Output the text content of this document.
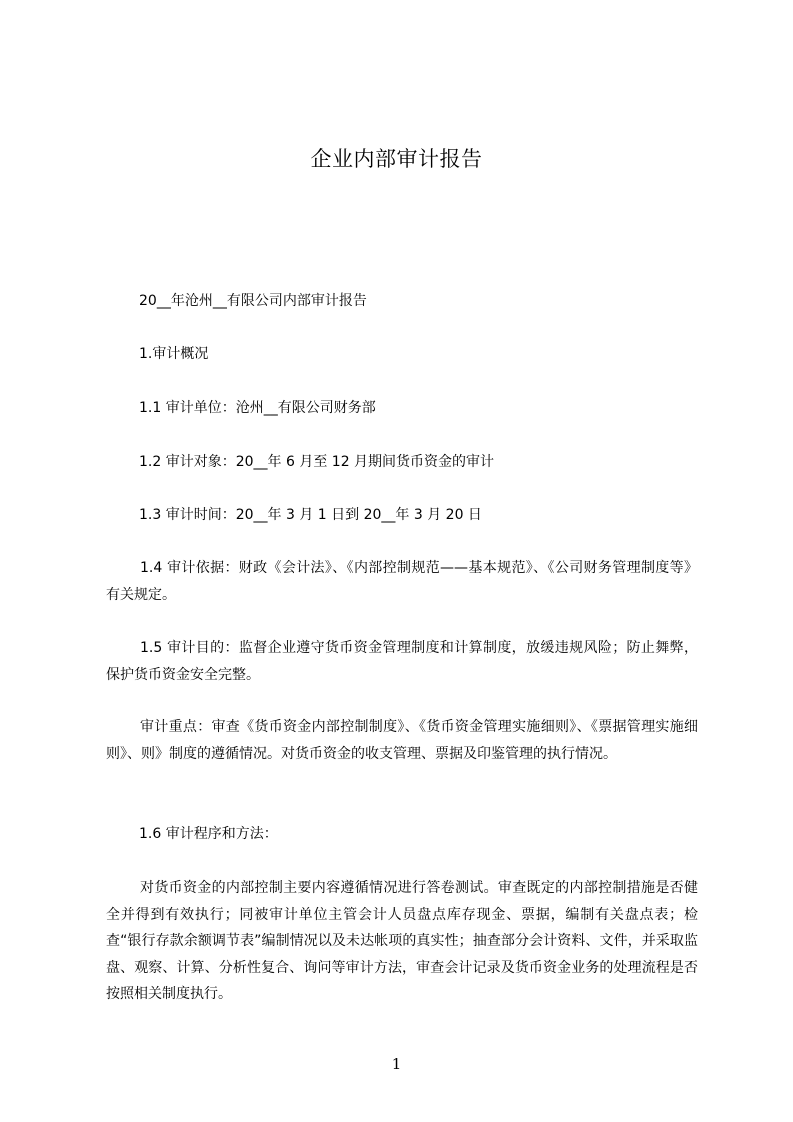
企业内部审计报告
20__年沧州__有限公司内部审计报告
1.审计概况
1.1 审计单位：沧州__有限公司财务部
1.2 审计对象：20__年 6 月至 12 月期间货币资金的审计
1.3 审计时间：20__年 3 月 1 日到 20__年 3 月 20 日
1.4 审计依据：财政《会计法》、《内部控制规范——基本规范》、《公司财务管理制度等》有关规定。
1.5 审计目的：监督企业遵守货币资金管理制度和计算制度，放缓违规风险；防止舞弊，保护货币资金安全完整。
审计重点：审查《货币资金内部控制制度》、《货币资金管理实施细则》、《票据管理实施细则》、则》制度的遵循情况。对货币资金的收支管理、票据及印鉴管理的执行情况。
1.6 审计程序和方法：
对货币资金的内部控制主要内容遵循情况进行答卷测试。审查既定的内部控制措施是否健全并得到有效执行；同被审计单位主管会计人员盘点库存现金、票据，编制有关盘点表；检查“银行存款余额调节表”编制情况以及未达帐项的真实性；抽查部分会计资料、文件，并采取监盘、观察、计算、分析性复合、询问等审计方法，审查会计记录及货币资金业务的处理流程是否按照相关制度执行。
1
